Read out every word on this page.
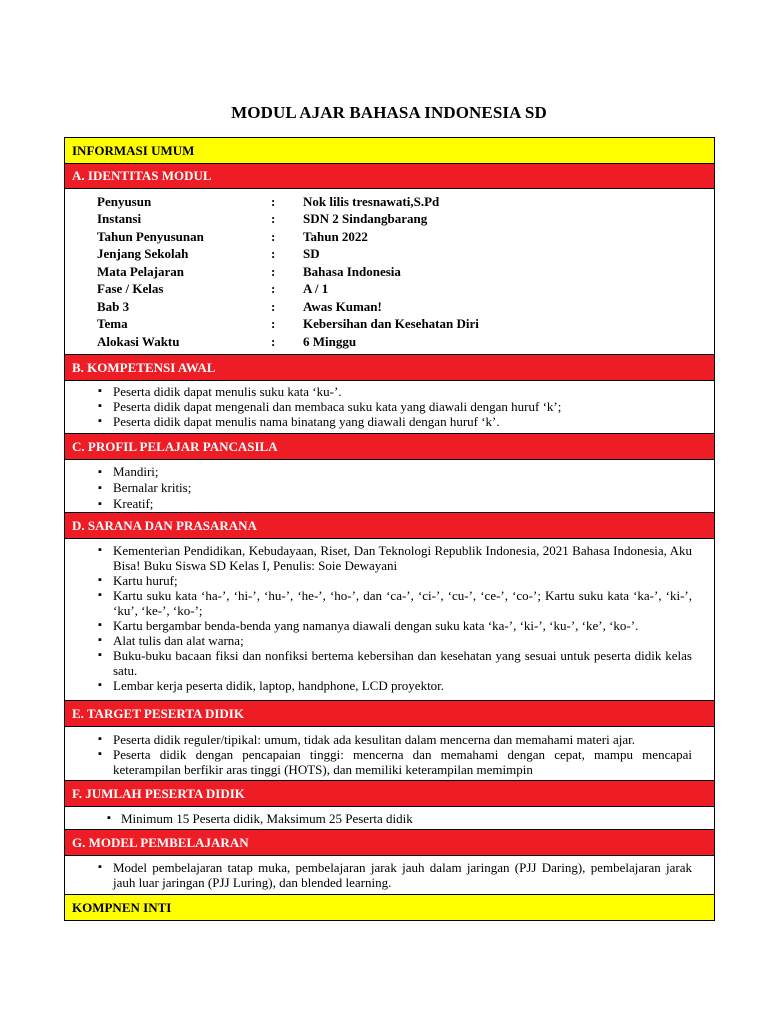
MODUL AJAR BAHASA INDONESIA SD
INFORMASI UMUM
A. IDENTITAS MODUL
Penyusun	:	Nok lilis tresnawati,S.Pd
Instansi	:	SDN 2 Sindangbarang
Tahun Penyusunan	:	Tahun 2022
Jenjang Sekolah	:	SD
Mata Pelajaran	:	Bahasa Indonesia
Fase / Kelas	:	A / 1
Bab 3	:	Awas Kuman!
Tema	:	Kebersihan dan Kesehatan Diri
Alokasi Waktu	:	6 Minggu
B. KOMPETENSI AWAL
▪ Peserta didik dapat menulis suku kata ‘ku-’.
▪ Peserta didik dapat mengenali dan membaca suku kata yang diawali dengan huruf ‘k’;
▪ Peserta didik dapat menulis nama binatang yang diawali dengan huruf ‘k’.
C. PROFIL PELAJAR PANCASILA
▪ Mandiri;
▪ Bernalar kritis;
▪ Kreatif;
D. SARANA DAN PRASARANA
▪ Kementerian Pendidikan, Kebudayaan, Riset, Dan Teknologi Republik Indonesia, 2021 Bahasa Indonesia, Aku Bisa! Buku Siswa SD Kelas I, Penulis: Soie Dewayani
▪ Kartu huruf;
▪ Kartu suku kata ‘ha-’, ‘hi-’, ‘hu-’, ‘he-’, ‘ho-’, dan ‘ca-’, ‘ci-’, ‘cu-’, ‘ce-’, ‘co-’; Kartu suku kata ‘ka-’, ‘ki-’, ‘ku’, ‘ke-’, ‘ko-’;
▪ Kartu bergambar benda-benda yang namanya diawali dengan suku kata ‘ka-’, ‘ki-’, ‘ku-’, ‘ke’, ‘ko-’.
▪ Alat tulis dan alat warna;
▪ Buku-buku bacaan fiksi dan nonfiksi bertema kebersihan dan kesehatan yang sesuai untuk peserta didik kelas satu.
▪ Lembar kerja peserta didik, laptop, handphone, LCD proyektor.
E. TARGET PESERTA DIDIK
▪ Peserta didik reguler/tipikal: umum, tidak ada kesulitan dalam mencerna dan memahami materi ajar.
▪ Peserta didik dengan pencapaian tinggi: mencerna dan memahami dengan cepat, mampu mencapai keterampilan berfikir aras tinggi (HOTS), dan memiliki keterampilan memimpin
F. JUMLAH PESERTA DIDIK
▪ Minimum 15 Peserta didik, Maksimum 25 Peserta didik
G. MODEL PEMBELAJARAN
▪ Model pembelajaran tatap muka, pembelajaran jarak jauh dalam jaringan (PJJ Daring), pembelajaran jarak jauh luar jaringan (PJJ Luring), dan blended learning.
KOMPNEN INTI
